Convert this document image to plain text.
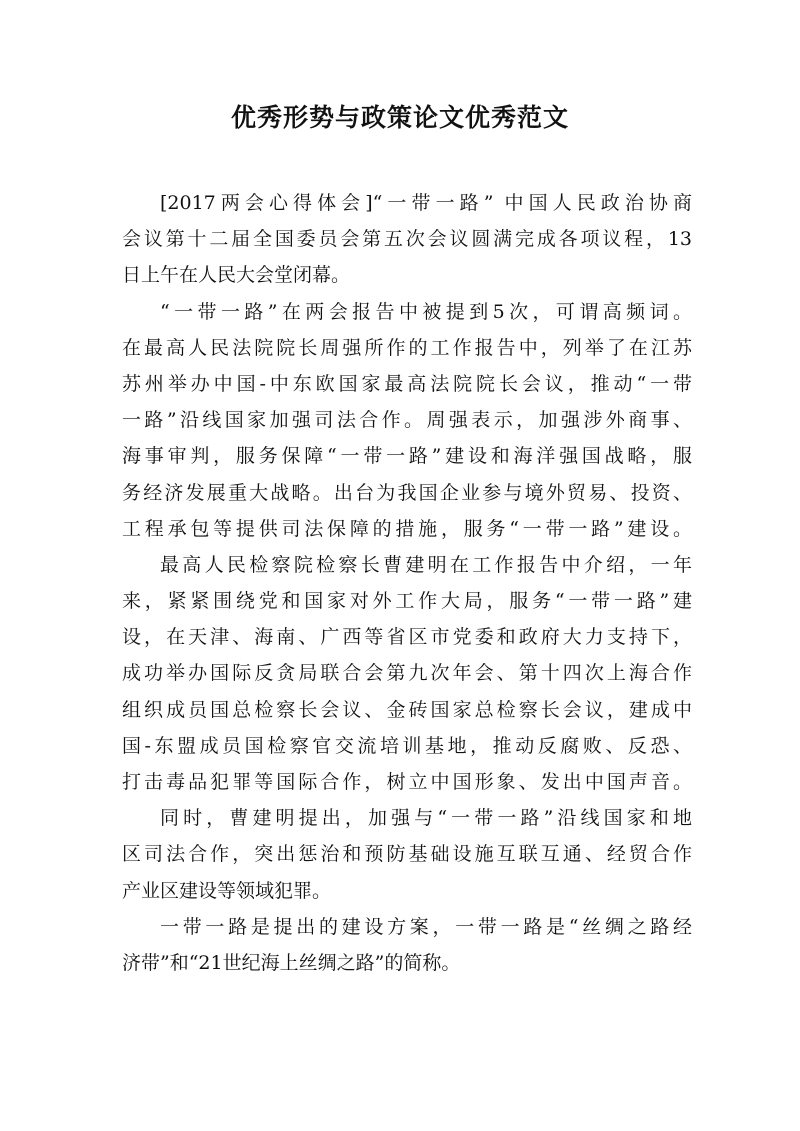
优秀形势与政策论文优秀范文
[2017两会心得体会]“一带一路” 中国人民政治协商
会议第十二届全国委员会第五次会议圆满完成各项议程，13
日上午在人民大会堂闭幕。
“一带一路”在两会报告中被提到5次，可谓高频词。
在最高人民法院院长周强所作的工作报告中，列举了在江苏
苏州举办中国-中东欧国家最高法院院长会议，推动“一带
一路”沿线国家加强司法合作。周强表示，加强涉外商事、
海事审判，服务保障“一带一路”建设和海洋强国战略，服
务经济发展重大战略。出台为我国企业参与境外贸易、投资、
工程承包等提供司法保障的措施，服务“一带一路”建设。
最高人民检察院检察长曹建明在工作报告中介绍，一年
来，紧紧围绕党和国家对外工作大局，服务“一带一路”建
设，在天津、海南、广西等省区市党委和政府大力支持下，
成功举办国际反贪局联合会第九次年会、第十四次上海合作
组织成员国总检察长会议、金砖国家总检察长会议，建成中
国-东盟成员国检察官交流培训基地，推动反腐败、反恐、
打击毒品犯罪等国际合作，树立中国形象、发出中国声音。
同时，曹建明提出，加强与“一带一路”沿线国家和地
区司法合作，突出惩治和预防基础设施互联互通、经贸合作
产业区建设等领域犯罪。
一带一路是提出的建设方案，一带一路是“丝绸之路经
济带”和“21世纪海上丝绸之路”的简称。
